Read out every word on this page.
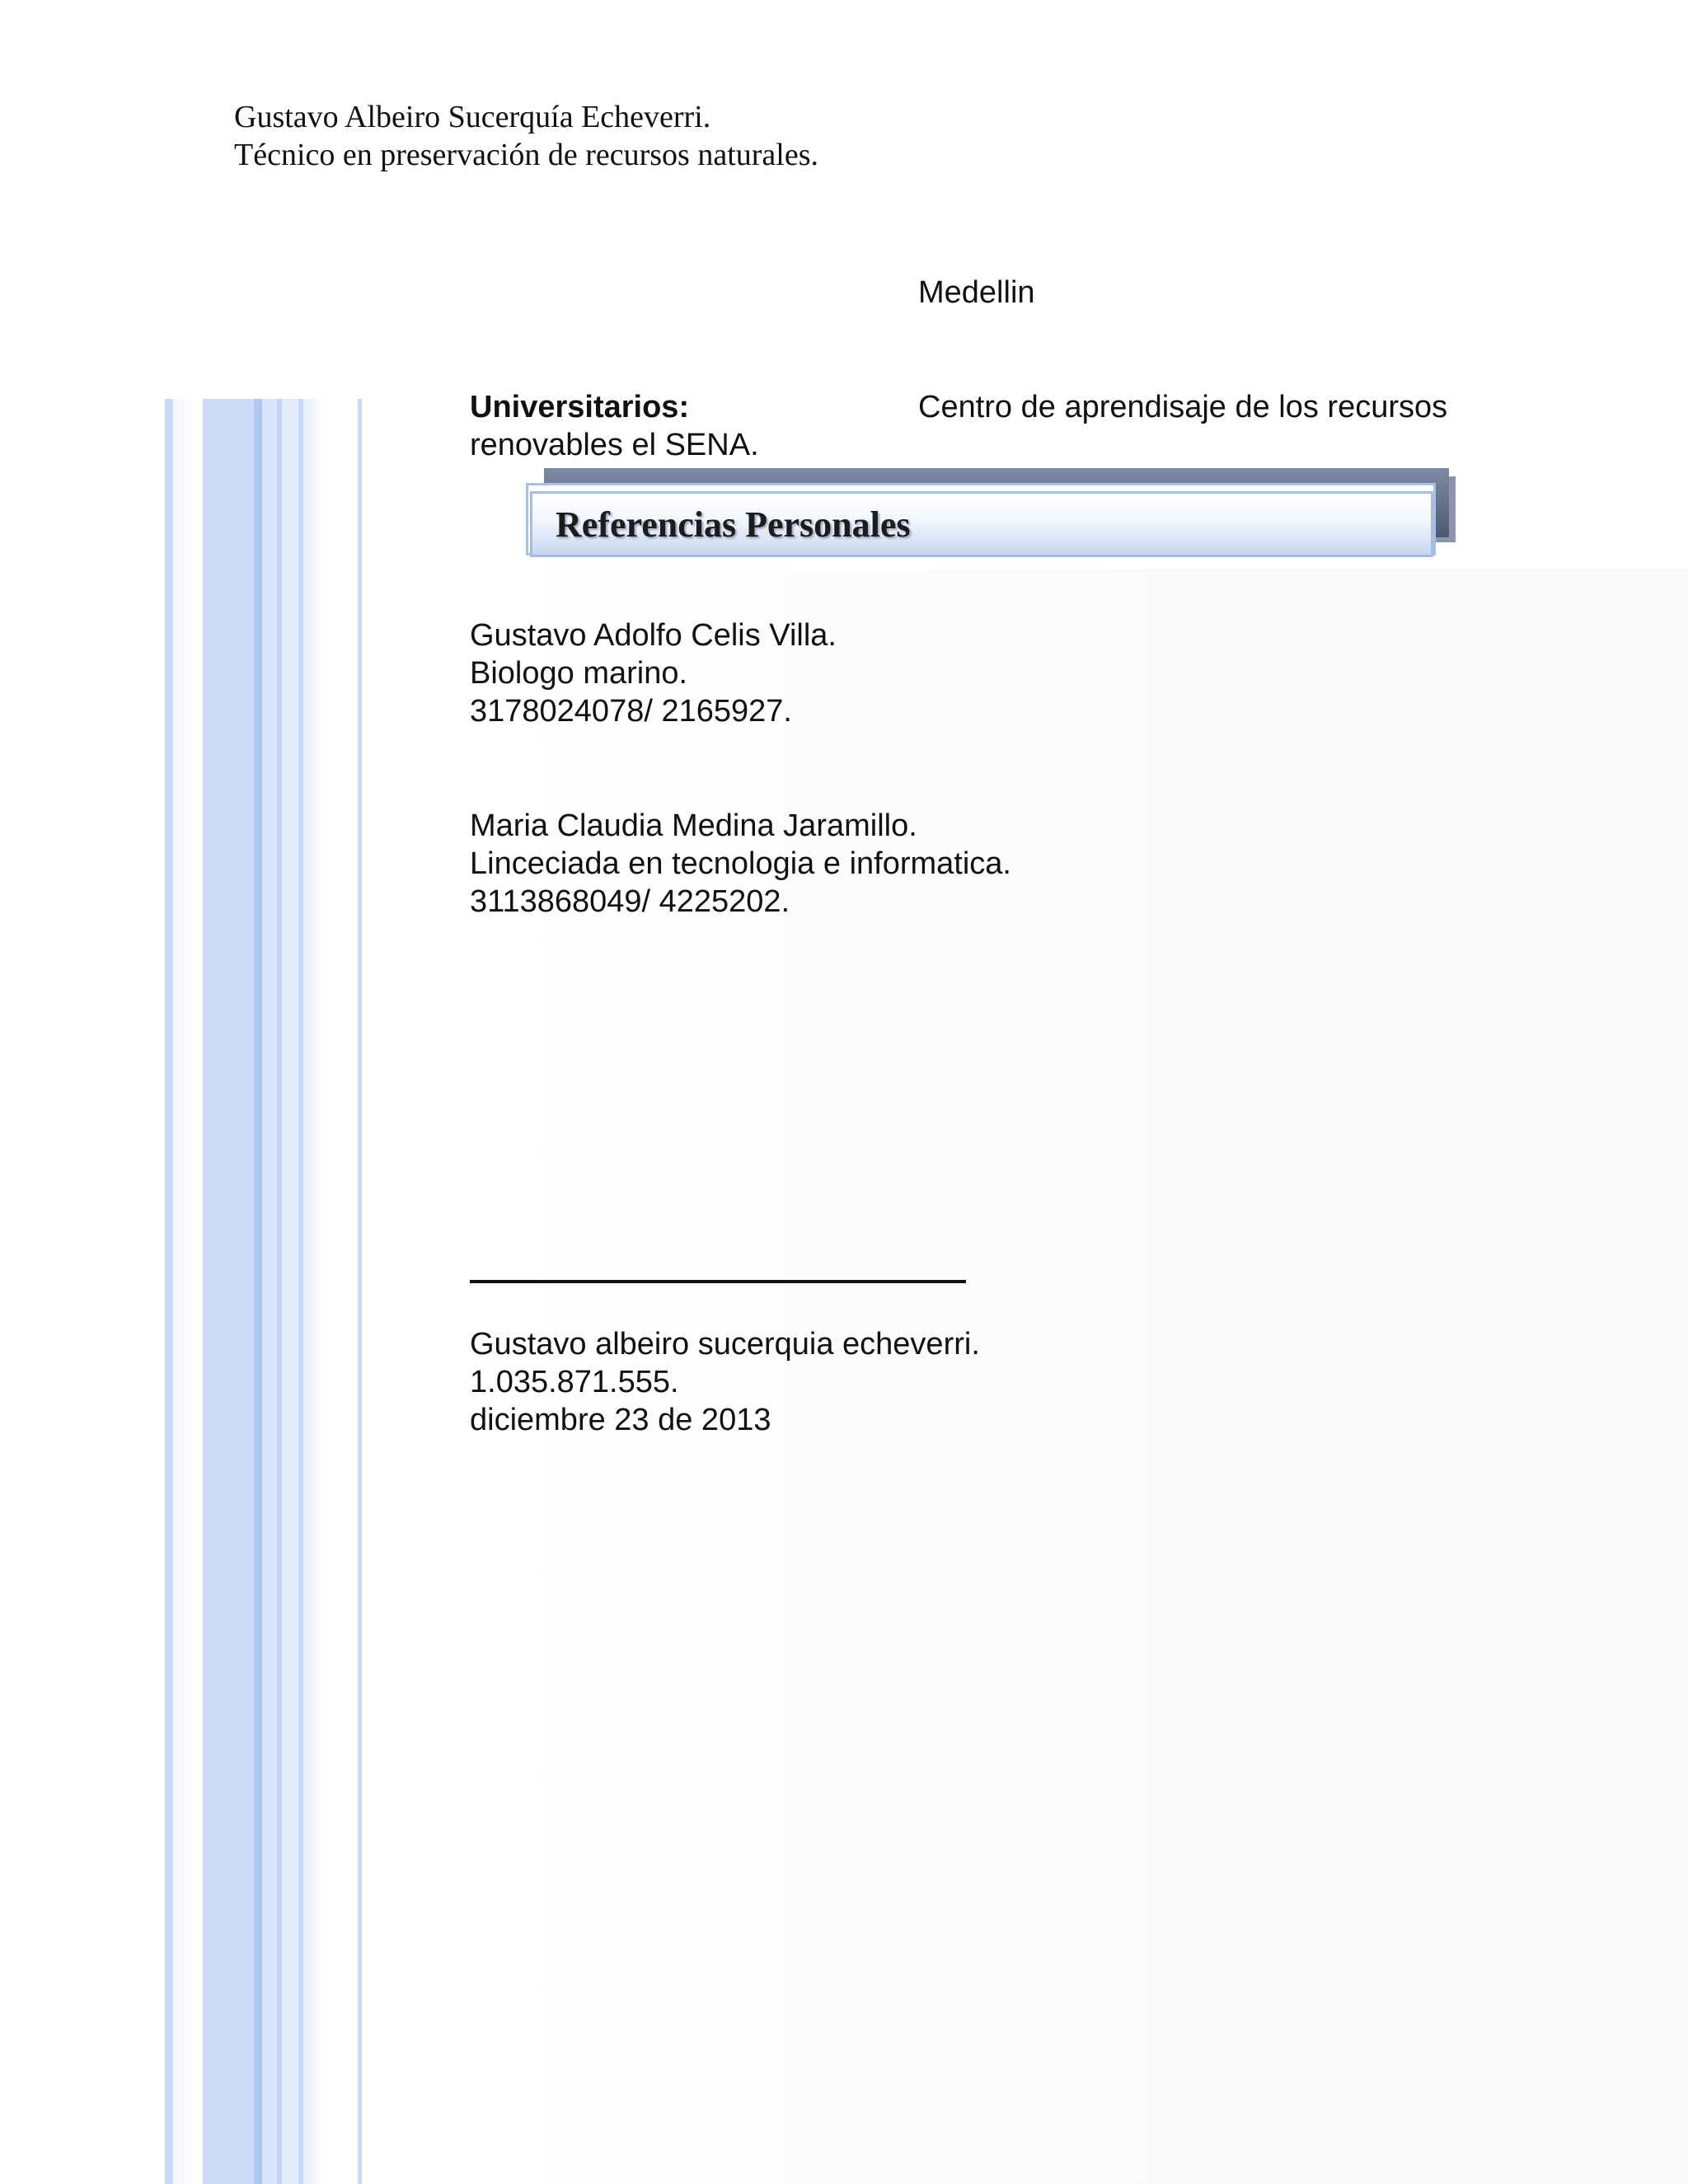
Gustavo Albeiro Sucerquía Echeverri.
Técnico en preservación de recursos naturales.
Medellin
Universitarios:	Centro de aprendisaje de los recursos
renovables el SENA.
Referencias Personales
Gustavo Adolfo Celis Villa.
Biologo marino.
3178024078/ 2165927.
Maria Claudia Medina Jaramillo.
Linceciada en tecnologia e informatica.
3113868049/ 4225202.
Gustavo albeiro sucerquia echeverri.
1.035.871.555.
diciembre 23 de 2013
